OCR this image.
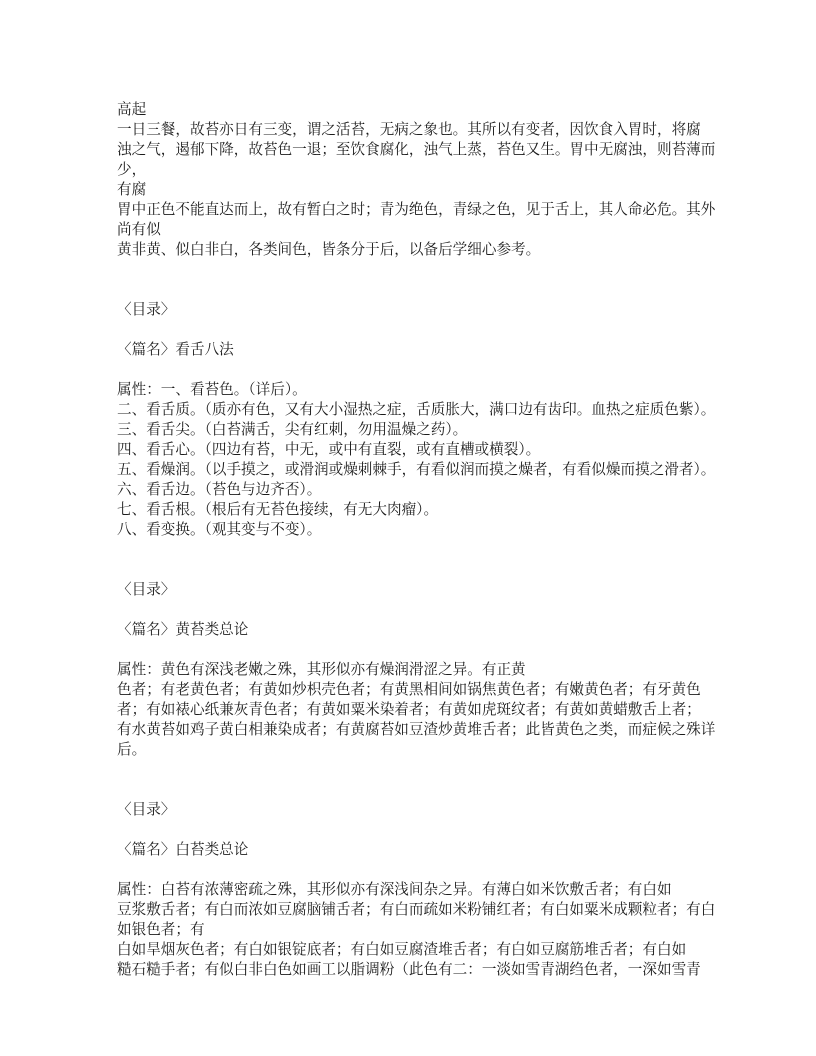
高起
一日三餐，故苔亦日有三变，谓之活苔，无病之象也。其所以有变者，因饮食入胃时，将腐
浊之气，遏郁下降，故苔色一退；至饮食腐化，浊气上蒸，苔色又生。胃中无腐浊，则苔薄而
少，
有腐
胃中正色不能直达而上，故有暂白之时；青为绝色，青绿之色，见于舌上，其人命必危。其外
尚有似
黄非黄、似白非白，各类间色，皆条分于后，以备后学细心参考。
〈目录〉
〈篇名〉看舌八法
属性：一、看苔色。（详后）。
二、看舌质。（质亦有色，又有大小湿热之症，舌质胀大，满口边有齿印。血热之症质色紫）。
三、看舌尖。（白苔满舌，尖有红刺，勿用温燥之药）。
四、看舌心。（四边有苔，中无，或中有直裂，或有直槽或横裂）。
五、看燥润。（以手摸之，或滑润或燥刺棘手，有看似润而摸之燥者，有看似燥而摸之滑者）。
六、看舌边。（苔色与边齐否）。
七、看舌根。（根后有无苔色接续，有无大肉瘤）。
八、看变换。（观其变与不变）。
〈目录〉
〈篇名〉黄苔类总论
属性：黄色有深浅老嫩之殊，其形似亦有燥润滑涩之异。有正黄
色者；有老黄色者；有黄如炒枳壳色者；有黄黑相间如锅焦黄色者；有嫩黄色者；有牙黄色
者；有如裱心纸兼灰青色者；有黄如粟米染着者；有黄如虎斑纹者；有黄如黄蜡敷舌上者；
有水黄苔如鸡子黄白相兼染成者；有黄腐苔如豆渣炒黄堆舌者；此皆黄色之类，而症候之殊详
后。
〈目录〉
〈篇名〉白苔类总论
属性：白苔有浓薄密疏之殊，其形似亦有深浅间杂之异。有薄白如米饮敷舌者；有白如
豆浆敷舌者；有白而浓如豆腐脑铺舌者；有白而疏如米粉铺红者；有白如粟米成颗粒者；有白
如银色者；有
白如旱烟灰色者；有白如银锭底者；有白如豆腐渣堆舌者；有白如豆腐筋堆舌者；有白如
糙石糙手者；有似白非白色如画工以脂调粉（此色有二：一淡如雪青湖绉色者，一深如雪青
